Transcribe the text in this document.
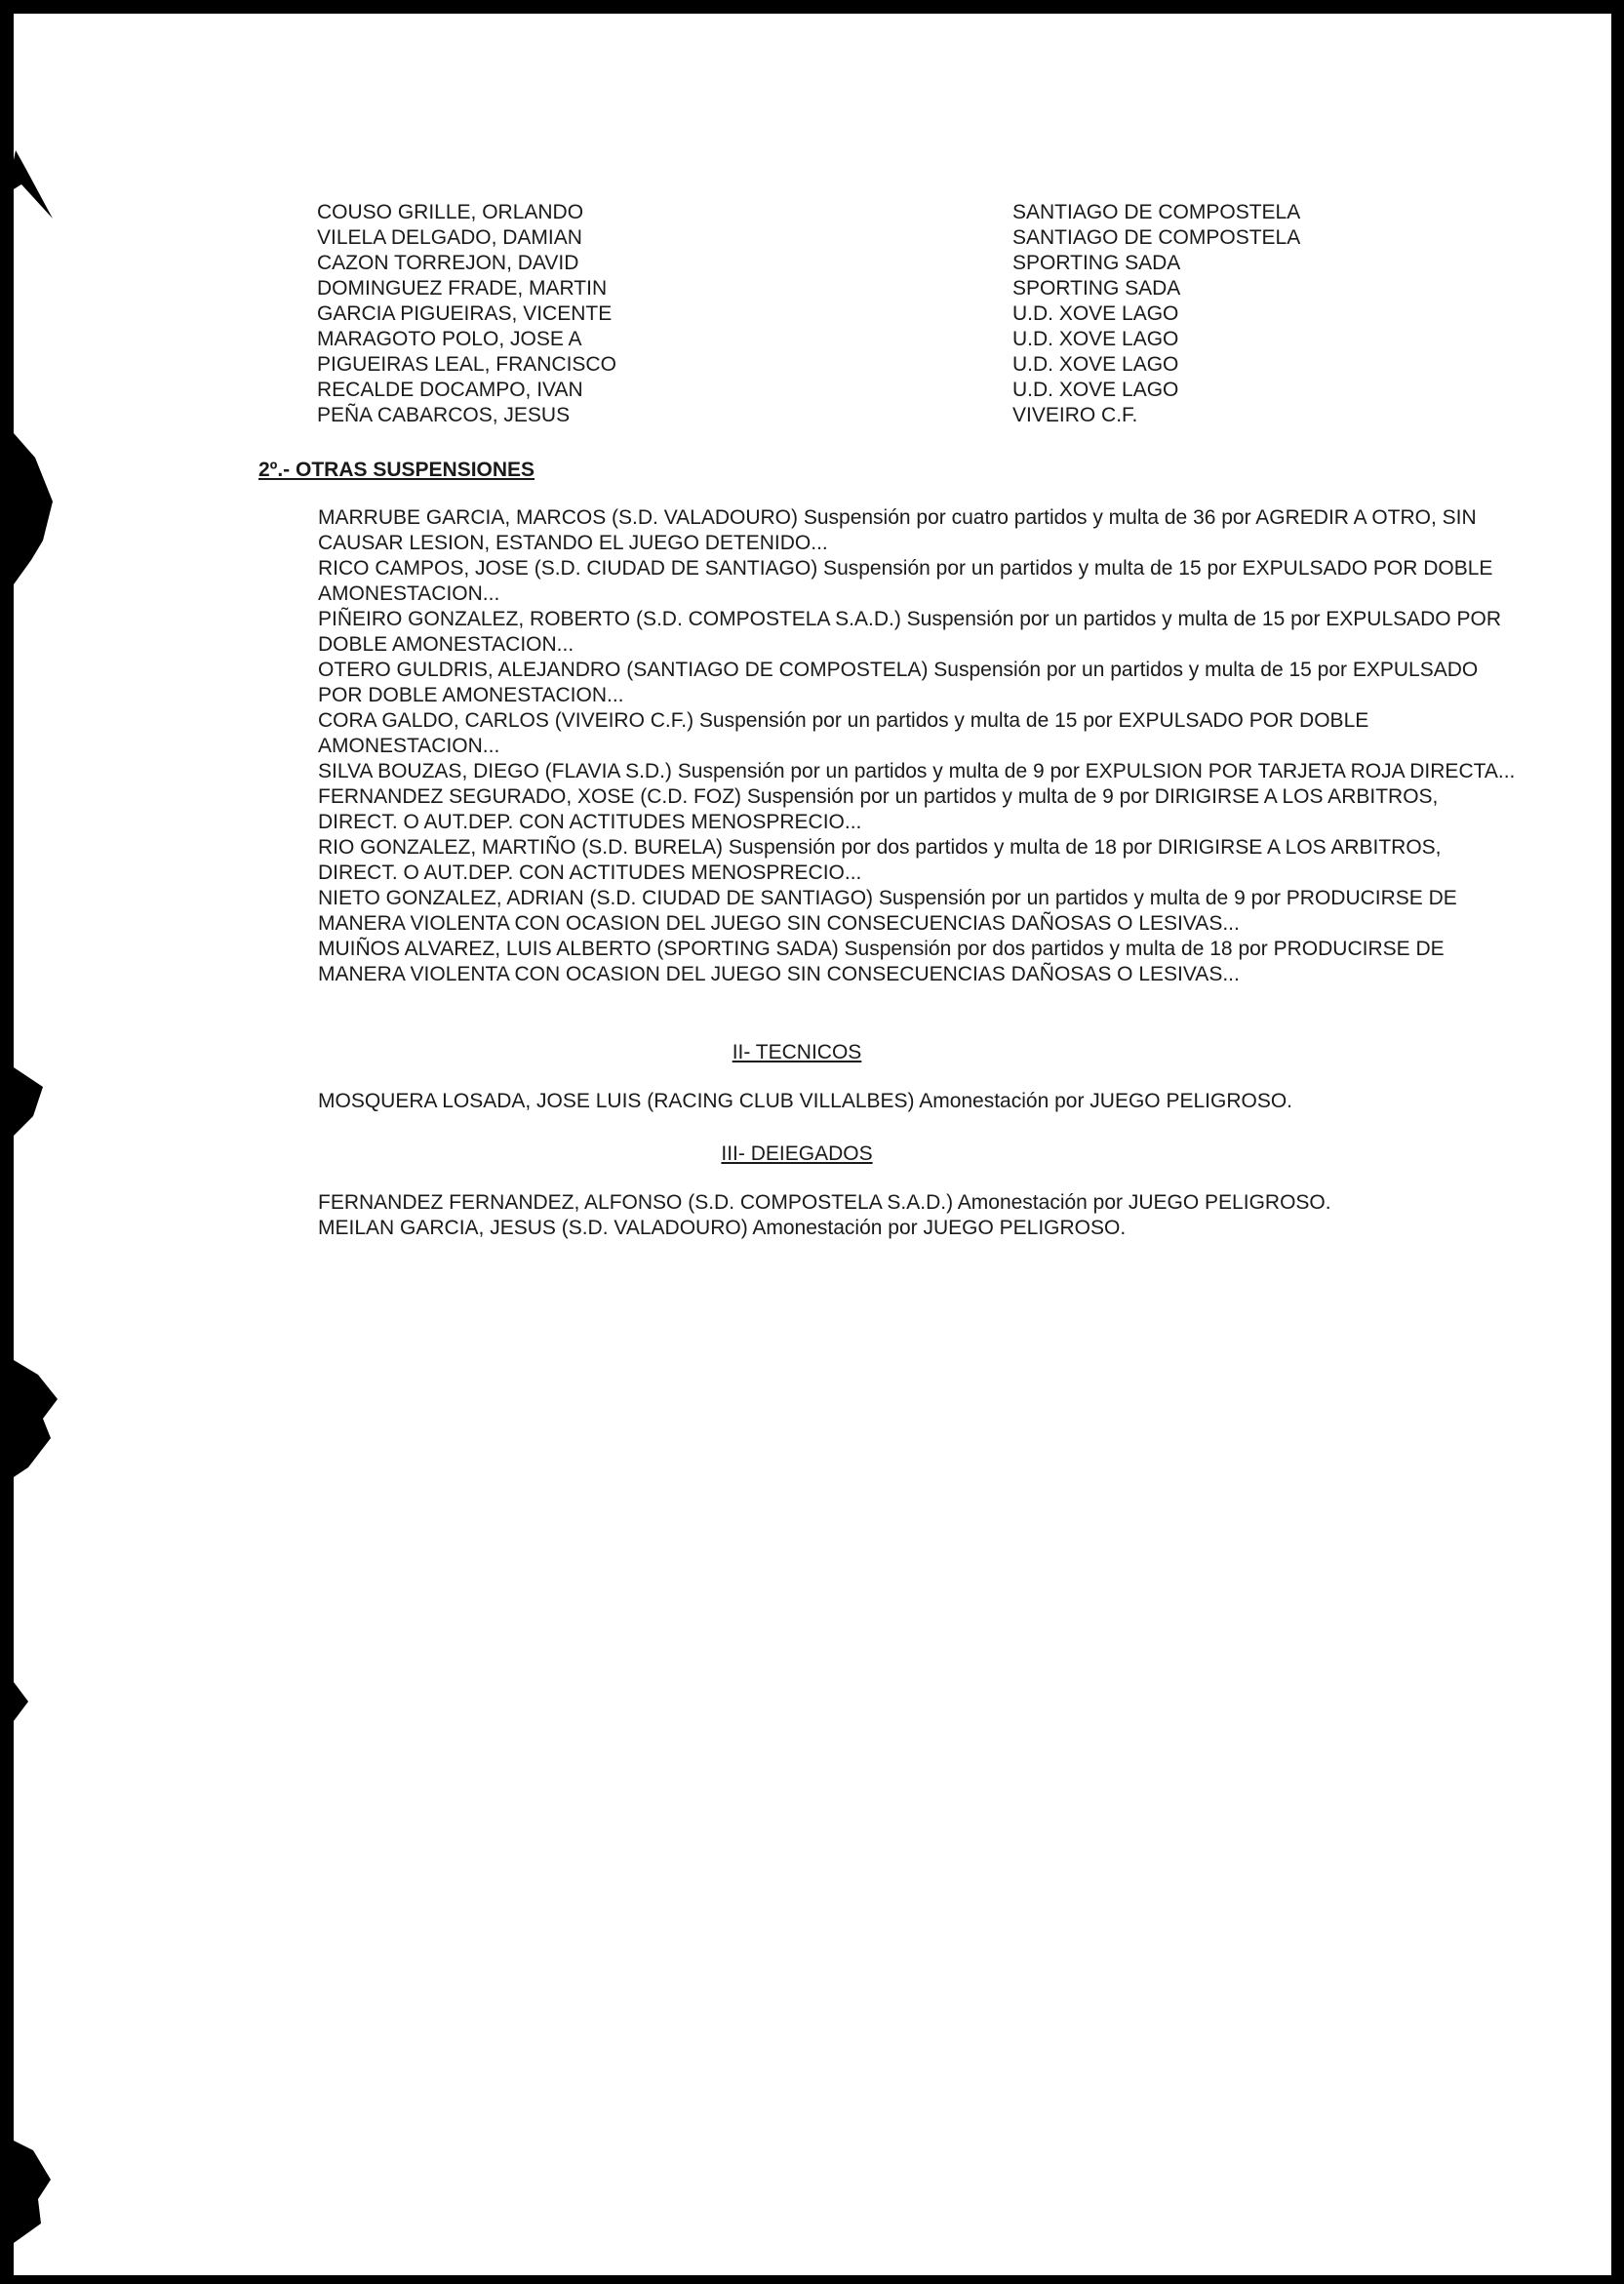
COUSO GRILLE, ORLANDO
VILELA DELGADO, DAMIAN
CAZON TORREJON, DAVID
DOMINGUEZ FRADE, MARTIN
GARCIA PIGUEIRAS, VICENTE
MARAGOTO POLO, JOSE A
PIGUEIRAS LEAL, FRANCISCO
RECALDE DOCAMPO, IVAN
PEÑA CABARCOS, JESUS
SANTIAGO DE COMPOSTELA
SANTIAGO DE COMPOSTELA
SPORTING SADA
SPORTING SADA
U.D. XOVE LAGO
U.D. XOVE LAGO
U.D. XOVE LAGO
U.D. XOVE LAGO
VIVEIRO C.F.
2º.- OTRAS SUSPENSIONES

MARRUBE GARCIA, MARCOS (S.D. VALADOURO) Suspensión por cuatro partidos y multa de 36 por AGREDIR A OTRO, SIN CAUSAR LESION, ESTANDO EL JUEGO DETENIDO...

RICO CAMPOS, JOSE (S.D. CIUDAD DE SANTIAGO) Suspensión por un partidos y multa de 15 por EXPULSADO POR DOBLE AMONESTACION...

PIÑEIRO GONZALEZ, ROBERTO (S.D. COMPOSTELA S.A.D.) Suspensión por un partidos y multa de 15 por EXPULSADO POR DOBLE AMONESTACION...

OTERO GULDRIS, ALEJANDRO (SANTIAGO DE COMPOSTELA) Suspensión por un partidos y multa de 15 por EXPULSADO POR DOBLE AMONESTACION...

CORA GALDO, CARLOS (VIVEIRO C.F.) Suspensión por un partidos y multa de 15 por EXPULSADO POR DOBLE AMONESTACION...

SILVA BOUZAS, DIEGO (FLAVIA S.D.) Suspensión por un partidos y multa de 9 por EXPULSION POR TARJETA ROJA DIRECTA...

FERNANDEZ SEGURADO, XOSE (C.D. FOZ) Suspensión por un partidos y multa de 9 por DIRIGIRSE A LOS ARBITROS, DIRECT. O AUT.DEP. CON ACTITUDES MENOSPRECIO...

RIO GONZALEZ, MARTIÑO (S.D. BURELA) Suspensión por dos partidos y multa de 18 por DIRIGIRSE A LOS ARBITROS, DIRECT. O AUT.DEP. CON ACTITUDES MENOSPRECIO...

NIETO GONZALEZ, ADRIAN (S.D. CIUDAD DE SANTIAGO) Suspensión por un partidos y multa de 9 por PRODUCIRSE DE MANERA VIOLENTA CON OCASION DEL JUEGO SIN CONSECUENCIAS DAÑOSAS O LESIVAS...

MUIÑOS ALVAREZ, LUIS ALBERTO (SPORTING SADA) Suspensión por dos partidos y multa de 18 por PRODUCIRSE DE MANERA VIOLENTA CON OCASION DEL JUEGO SIN CONSECUENCIAS DAÑOSAS O LESIVAS...

II- TECNICOS
MOSQUERA LOSADA, JOSE LUIS (RACING CLUB VILLALBES) Amonestación por JUEGO PELIGROSO.
III- DEIEGADOS
FERNANDEZ FERNANDEZ, ALFONSO (S.D. COMPOSTELA S.A.D.) Amonestación por JUEGO PELIGROSO.
MEILAN GARCIA, JESUS (S.D. VALADOURO) Amonestación por JUEGO PELIGROSO.
